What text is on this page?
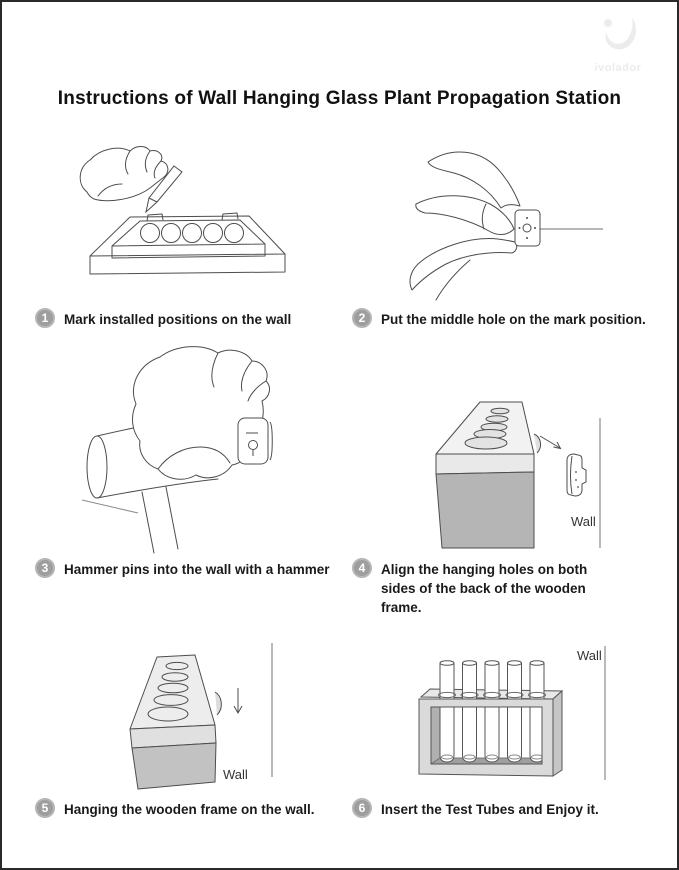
ivolador
Instructions of Wall Hanging Glass Plant Propagation Station
Wall
Wall
Wall
1	Mark installed positions on the wall	2	Put the middle hole on the mark position.
3	Hammer pins into the wall with a hammer	4	Align the hanging holes on both sides of the back of the wooden frame.
5	Hanging the wooden frame on the wall.	6	Insert the Test Tubes and Enjoy it.
